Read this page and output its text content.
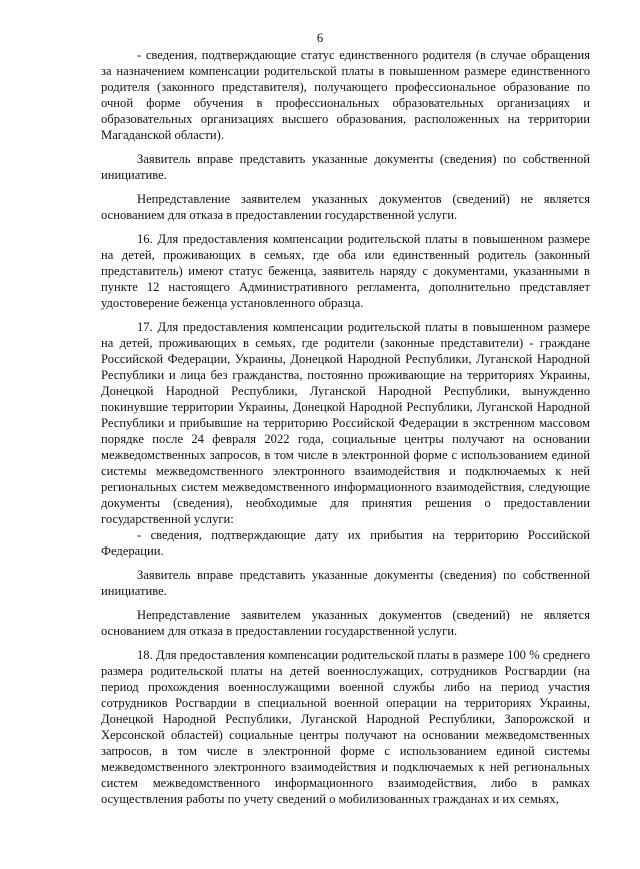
6

- сведения, подтверждающие статус единственного родителя (в случае обращения за назначением компенсации родительской платы в повышенном размере единственного родителя (законного представителя), получающего профессиональное образование по очной форме обучения в профессиональных образовательных организациях и образовательных организациях высшего образования, расположенных на территории Магаданской области).

Заявитель вправе представить указанные документы (сведения) по собственной инициативе.

Непредставление заявителем указанных документов (сведений) не является основанием для отказа в предоставлении государственной услуги.

16. Для предоставления компенсации родительской платы в повышенном размере на детей, проживающих в семьях, где оба или единственный родитель (законный представитель) имеют статус беженца, заявитель наряду с документами, указанными в пункте 12 настоящего Административного регламента, дополнительно представляет удостоверение беженца установленного образца.

17. Для предоставления компенсации родительской платы в повышенном размере на детей, проживающих в семьях, где родители (законные представители) - граждане Российской Федерации, Украины, Донецкой Народной Республики, Луганской Народной Республики и лица без гражданства, постоянно проживающие на территориях Украины, Донецкой Народной Республики, Луганской Народной Республики, вынужденно покинувшие территории Украины, Донецкой Народной Республики, Луганской Народной Республики и прибывшие на территорию Российской Федерации в экстренном массовом порядке после 24 февраля 2022 года, социальные центры получают на основании межведомственных запросов, в том числе в электронной форме с использованием единой системы межведомственного электронного взаимодействия и подключаемых к ней региональных систем межведомственного информационного взаимодействия, следующие документы (сведения), необходимые для принятия решения о предоставлении государственной услуги:

- сведения, подтверждающие дату их прибытия на территорию Российской Федерации.

Заявитель вправе представить указанные документы (сведения) по собственной инициативе.

Непредставление заявителем указанных документов (сведений) не является основанием для отказа в предоставлении государственной услуги.

18. Для предоставления компенсации родительской платы в размере 100 % среднего размера родительской платы на детей военнослужащих, сотрудников Росгвардии (на период прохождения военнослужащими военной службы либо на период участия сотрудников Росгвардии в специальной военной операции на территориях Украины, Донецкой Народной Республики, Луганской Народной Республики, Запорожской и Херсонской областей) социальные центры получают на основании межведомственных запросов, в том числе в электронной форме с использованием единой системы межведомственного электронного взаимодействия и подключаемых к ней региональных систем межведомственного информационного взаимодействия, либо в рамках осуществления работы по учету сведений о мобилизованных гражданах и их семьях,
